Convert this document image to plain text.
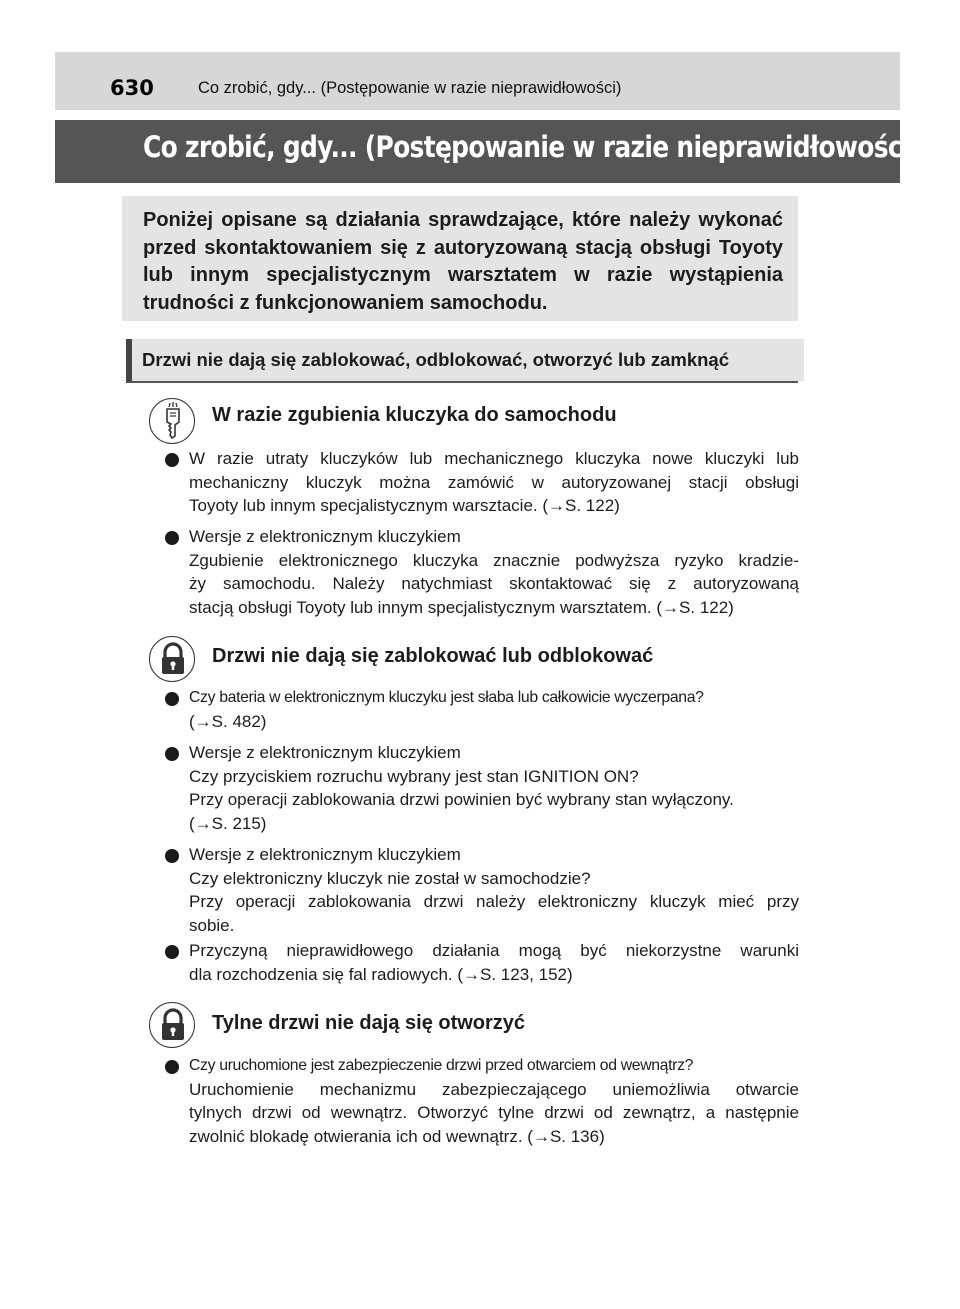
630	Co zrobić, gdy... (Postępowanie w razie nieprawidłowości)
Co zrobić, gdy... (Postępowanie w razie nieprawidłowości)
Poniżej opisane są działania sprawdzające, które należy wykonać przed skontaktowaniem się z autoryzowaną stacją obsługi Toyoty lub innym specjalistycznym warsztatem w razie wystąpienia trudności z funkcjonowaniem samochodu.
Drzwi nie dają się zablokować, odblokować, otworzyć lub zamknąć
W razie zgubienia kluczyka do samochodu
W razie utraty kluczyków lub mechanicznego kluczyka nowe kluczyki lub
mechaniczny kluczyk można zamówić w autoryzowanej stacji obsługi
Toyoty lub innym specjalistycznym warsztacie. (→S. 122)
Wersje z elektronicznym kluczykiem
Zgubienie elektronicznego kluczyka znacznie podwyższa ryzyko kradzie-
ży samochodu. Należy natychmiast skontaktować się z autoryzowaną
stacją obsługi Toyoty lub innym specjalistycznym warsztatem. (→S. 122)
Drzwi nie dają się zablokować lub odblokować
Czy bateria w elektronicznym kluczyku jest słaba lub całkowicie wyczerpana?
(→S. 482)
Wersje z elektronicznym kluczykiem
Czy przyciskiem rozruchu wybrany jest stan IGNITION ON?
Przy operacji zablokowania drzwi powinien być wybrany stan wyłączony.
(→S. 215)
Wersje z elektronicznym kluczykiem
Czy elektroniczny kluczyk nie został w samochodzie?
Przy operacji zablokowania drzwi należy elektroniczny kluczyk mieć przy
sobie.
Przyczyną nieprawidłowego działania mogą być niekorzystne warunki
dla rozchodzenia się fal radiowych. (→S. 123, 152)
Tylne drzwi nie dają się otworzyć
Czy uruchomione jest zabezpieczenie drzwi przed otwarciem od wewnątrz?
Uruchomienie mechanizmu zabezpieczającego uniemożliwia otwarcie
tylnych drzwi od wewnątrz. Otworzyć tylne drzwi od zewnątrz, a następnie
zwolnić blokadę otwierania ich od wewnątrz. (→S. 136)
